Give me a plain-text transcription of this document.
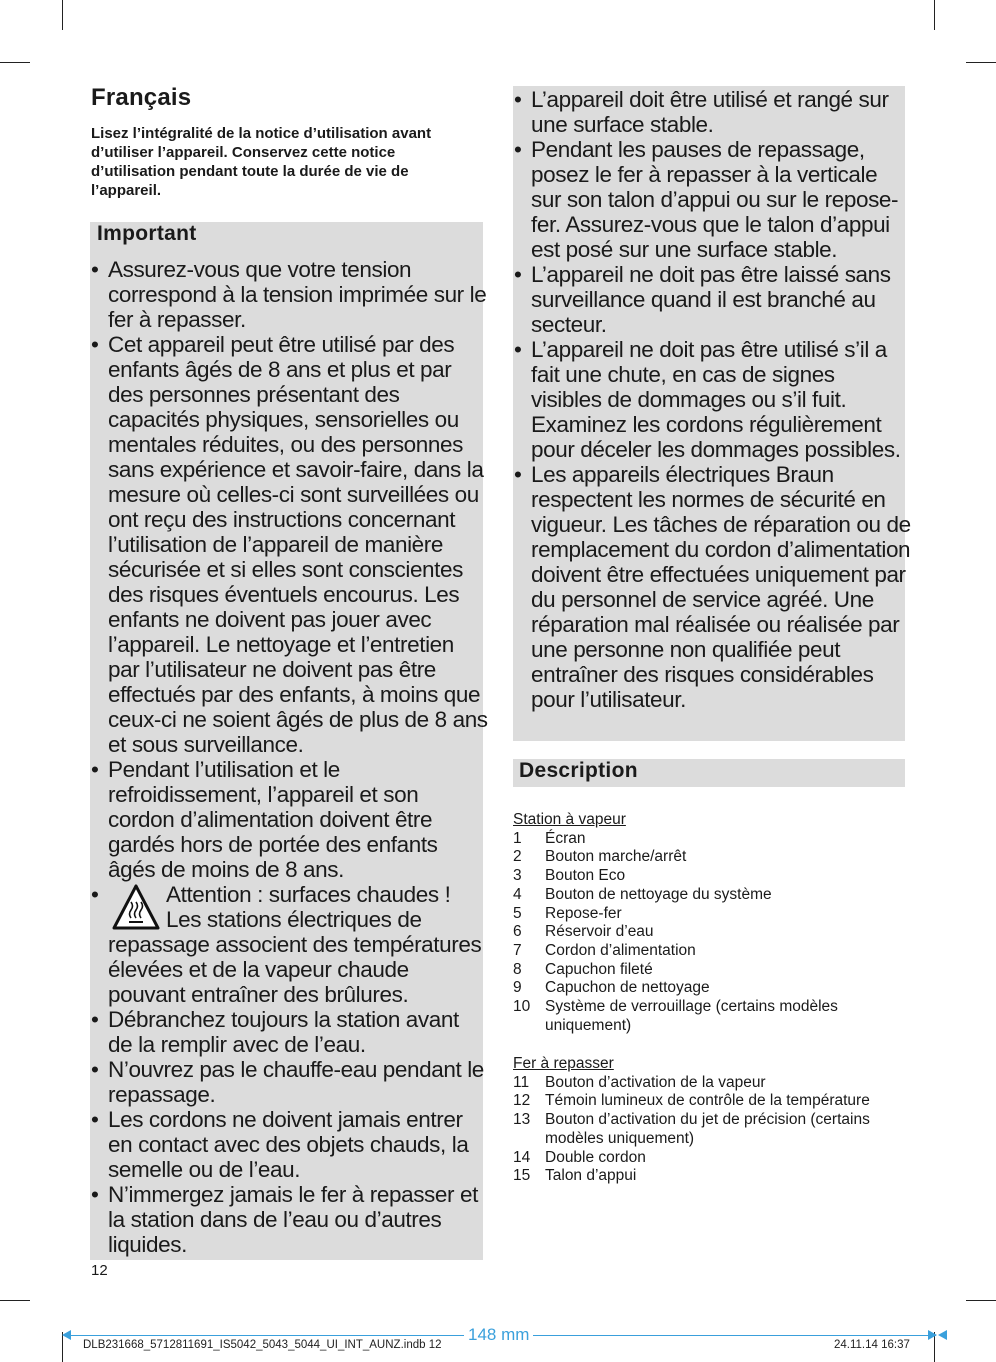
Français
Lisez l’intégralité de la notice d’utilisation avant d’utiliser l’appareil. Conservez cette notice d’utilisation pendant toute la durée de vie de l’appareil.
Important
• Assurez-vous que votre tension correspond à la tension imprimée sur le fer à repasser.
• Cet appareil peut être utilisé par des enfants âgés de 8 ans et plus et par des personnes présentant des capacités physiques, sensorielles ou mentales réduites, ou des personnes sans expérience et savoir-faire, dans la mesure où celles-ci sont surveillées ou ont reçu des instructions concernant l’utilisation de l’appareil de manière sécurisée et si elles sont conscientes des risques éventuels encourus. Les enfants ne doivent pas jouer avec l’appareil. Le nettoyage et l’entretien par l’utilisateur ne doivent pas être effectués par des enfants, à moins que ceux-ci ne soient âgés de plus de 8 ans et sous surveillance.
• Pendant l’utilisation et le refroidissement, l’appareil et son cordon d’alimentation doivent être gardés hors de portée des enfants âgés de moins de 8 ans.
•	Attention : surfaces chaudes ! Les stations électriques de repassage associent des températures élevées et de la vapeur chaude pouvant entraîner des brûlures.
• Débranchez toujours la station avant de la remplir avec de l’eau.
• N’ouvrez pas le chauffe-eau pendant le repassage.
• Les cordons ne doivent jamais entrer en contact avec des objets chauds, la semelle ou de l’eau.
• N’immergez jamais le fer à repasser et la station dans de l’eau ou d’autres liquides.
• L’appareil doit être utilisé et rangé sur une surface stable.
• Pendant les pauses de repassage, posez le fer à repasser à la verticale sur son talon d’appui ou sur le repose-fer. Assurez-vous que le talon d’appui est posé sur une surface stable.
• L’appareil ne doit pas être laissé sans surveillance quand il est branché au secteur.
• L’appareil ne doit pas être utilisé s’il a fait une chute, en cas de signes visibles de dommages ou s’il fuit. Examinez les cordons régulièrement pour déceler les dommages possibles.
• Les appareils électriques Braun respectent les normes de sécurité en vigueur. Les tâches de réparation ou de remplacement du cordon d’alimentation doivent être effectuées uniquement par du personnel de service agréé. Une réparation mal réalisée ou réalisée par une personne non qualifiée peut entraîner des risques considérables pour l’utilisateur.
Description
Station à vapeur
1 Écran
2 Bouton marche/arrêt
3 Bouton Eco
4 Bouton de nettoyage du système
5 Repose-fer
6 Réservoir d’eau
7 Cordon d’alimentation
8 Capuchon fileté
9 Capuchon de nettoyage
10 Système de verrouillage (certains modèles uniquement)
Fer à repasser
11 Bouton d’activation de la vapeur
12 Témoin lumineux de contrôle de la température
13 Bouton d’activation du jet de précision (certains modèles uniquement)
14 Double cordon
15 Talon d’appui
12
148 mm
DLB231668_5712811691_IS5042_5043_5044_UI_INT_AUNZ.indb 12	24.11.14 16:37
